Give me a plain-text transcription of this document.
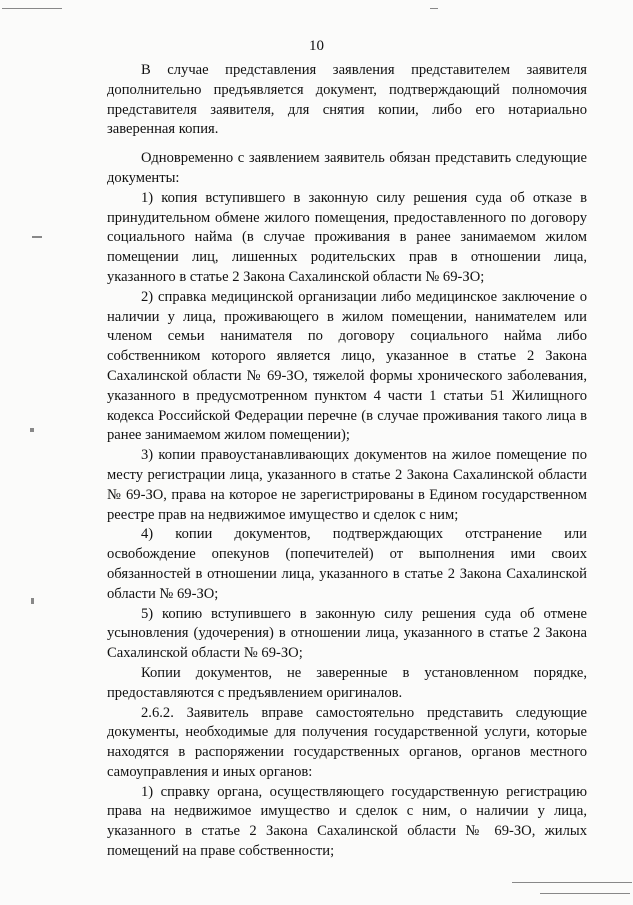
10

В случае представления заявления представителем заявителя дополнительно предъявляется документ, подтверждающий полномочия представителя заявителя, для снятия копии, либо его нотариально заверенная копия.

Одновременно с заявлением заявитель обязан представить следующие документы:

1) копия вступившего в законную силу решения суда об отказе в принудительном обмене жилого помещения, предоставленного по договору социального найма (в случае проживания в ранее занимаемом жилом помещении лиц, лишенных родительских прав в отношении лица, указанного в статье 2 Закона Сахалинской области № 69-ЗО;

2) справка медицинской организации либо медицинское заключение о наличии у лица, проживающего в жилом помещении, нанимателем или членом семьи нанимателя по договору социального найма либо собственником которого является лицо, указанное в статье 2 Закона Сахалинской области № 69-ЗО, тяжелой формы хронического заболевания, указанного в предусмотренном пунктом 4 части 1 статьи 51 Жилищного кодекса Российской Федерации перечне (в случае проживания такого лица в ранее занимаемом жилом помещении);

3) копии правоустанавливающих документов на жилое помещение по месту регистрации лица, указанного в статье 2 Закона Сахалинской области № 69-ЗО, права на которое не зарегистрированы в Едином государственном реестре прав на недвижимое имущество и сделок с ним;

4) копии документов, подтверждающих отстранение или освобождение опекунов (попечителей) от выполнения ими своих обязанностей в отношении лица, указанного в статье 2 Закона Сахалинской области № 69-ЗО;

5) копию вступившего в законную силу решения суда об отмене усыновления (удочерения) в отношении лица, указанного в статье 2 Закона Сахалинской области № 69-ЗО;

Копии документов, не заверенные в установленном порядке, предоставляются с предъявлением оригиналов.

2.6.2. Заявитель вправе самостоятельно представить следующие документы, необходимые для получения государственной услуги, которые находятся в распоряжении государственных органов, органов местного самоуправления и иных органов:

1) справку органа, осуществляющего государственную регистрацию права на недвижимое имущество и сделок с ним, о наличии у лица, указанного в статье 2 Закона Сахалинской области № 69-ЗО, жилых помещений на праве собственности;
